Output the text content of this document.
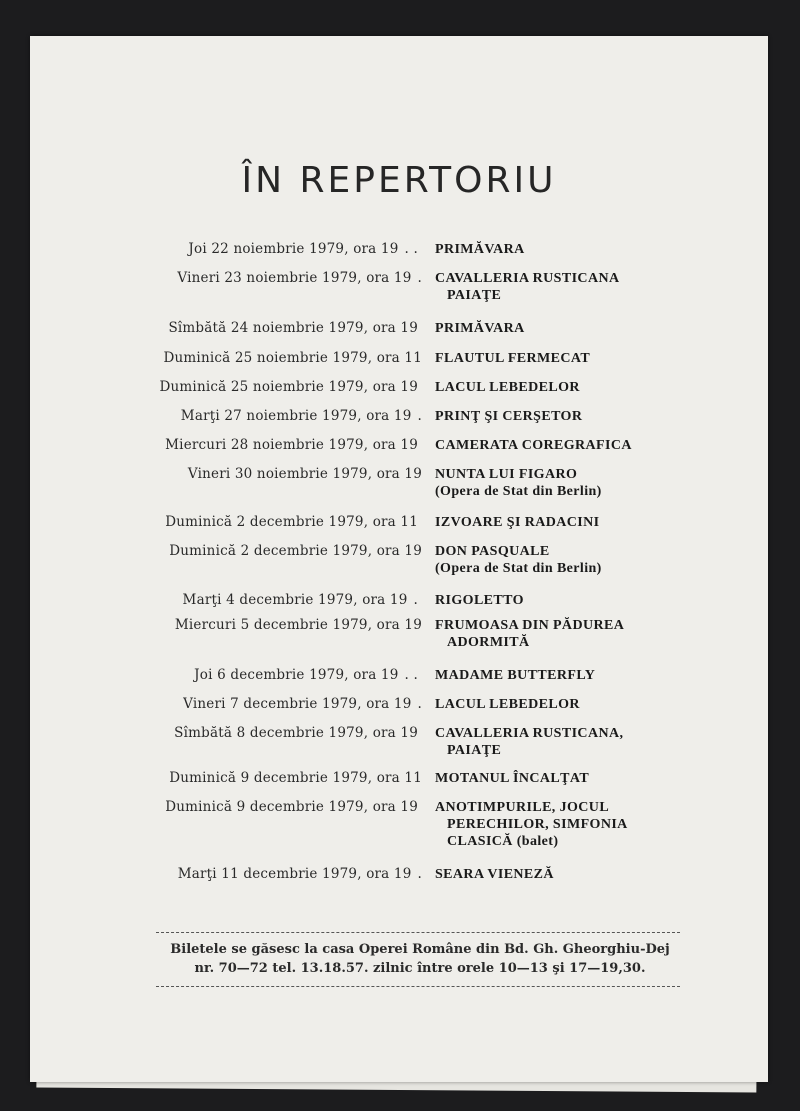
ÎN REPERTORIU
Joi 22 noiembrie 1979, ora 19 . . PRIMĂVARA
Vineri 23 noiembrie 1979, ora 19 . CAVALLERIA RUSTICANA
PAIAŢE
Sîmbătă 24 noiembrie 1979, ora 19 PRIMĂVARA
Duminică 25 noiembrie 1979, ora 11 FLAUTUL FERMECAT
Duminică 25 noiembrie 1979, ora 19 LACUL LEBEDELOR
Marţi 27 noiembrie 1979, ora 19 . PRINŢ ŞI CERŞETOR
Miercuri 28 noiembrie 1979, ora 19 CAMERATA COREGRAFICA
Vineri 30 noiembrie 1979, ora 19 NUNTA LUI FIGARO
(Opera de Stat din Berlin)
Duminică 2 decembrie 1979, ora 11 IZVOARE ŞI RADACINI
Duminică 2 decembrie 1979, ora 19 DON PASQUALE
(Opera de Stat din Berlin)
Marţi 4 decembrie 1979, ora 19 . RIGOLETTO
Miercuri 5 decembrie 1979, ora 19 FRUMOASA DIN PĂDUREA
ADORMITĂ
Joi 6 decembrie 1979, ora 19 . . MADAME BUTTERFLY
Vineri 7 decembrie 1979, ora 19 . LACUL LEBEDELOR
Sîmbătă 8 decembrie 1979, ora 19 CAVALLERIA RUSTICANA,
PAIAŢE
Duminică 9 decembrie 1979, ora 11 MOTANUL ÎNCALŢAT
Duminică 9 decembrie 1979, ora 19 ANOTIMPURILE, JOCUL
PERECHILOR, SIMFONIA
CLASICĂ (balet)
Marţi 11 decembrie 1979, ora 19 . SEARA VIENEZĂ
Biletele se găsesc la casa Operei Române din Bd. Gh. Gheorghiu-Dej
nr. 70—72 tel. 13.18.57. zilnic între orele 10—13 şi 17—19,30.
